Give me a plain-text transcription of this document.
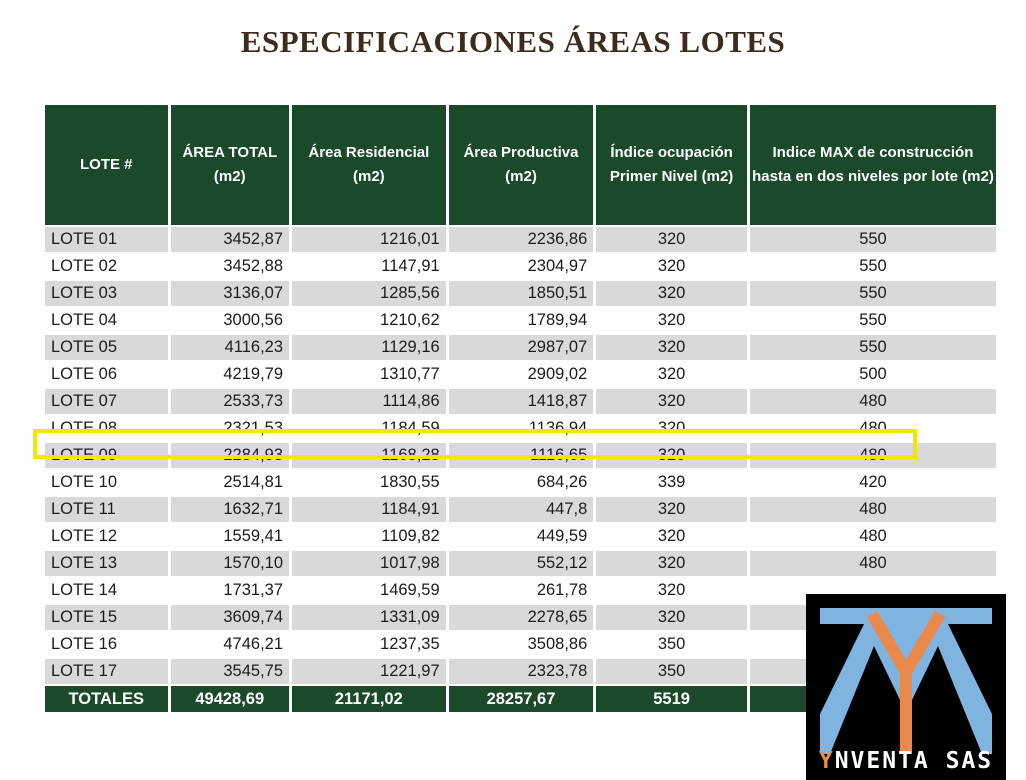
ESPECIFICACIONES ÁREAS LOTES
LOTE #	ÁREA TOTAL (m2)	Área Residencial (m2)	Área Productiva (m2)	Índice ocupación Primer Nivel (m2)	Indice MAX de construcción hasta en dos niveles por lote (m2)
LOTE 01	3452,87	1216,01	2236,86	320	550
LOTE 02	3452,88	1147,91	2304,97	320	550
LOTE 03	3136,07	1285,56	1850,51	320	550
LOTE 04	3000,56	1210,62	1789,94	320	550
LOTE 05	4116,23	1129,16	2987,07	320	550
LOTE 06	4219,79	1310,77	2909,02	320	500
LOTE 07	2533,73	1114,86	1418,87	320	480
LOTE 08	2321,53	1184,59	1136,94	320	480
LOTE 09	2284,93	1168,28	1116,65	320	480
LOTE 10	2514,81	1830,55	684,26	339	420
LOTE 11	1632,71	1184,91	447,8	320	480
LOTE 12	1559,41	1109,82	449,59	320	480
LOTE 13	1570,10	1017,98	552,12	320	480
LOTE 14	1731,37	1469,59	261,78	320	
LOTE 15	3609,74	1331,09	2278,65	320	
LOTE 16	4746,21	1237,35	3508,86	350	
LOTE 17	3545,75	1221,97	2323,78	350	
TOTALES	49428,69	21171,02	28257,67	5519	
YNVENTA SAS
